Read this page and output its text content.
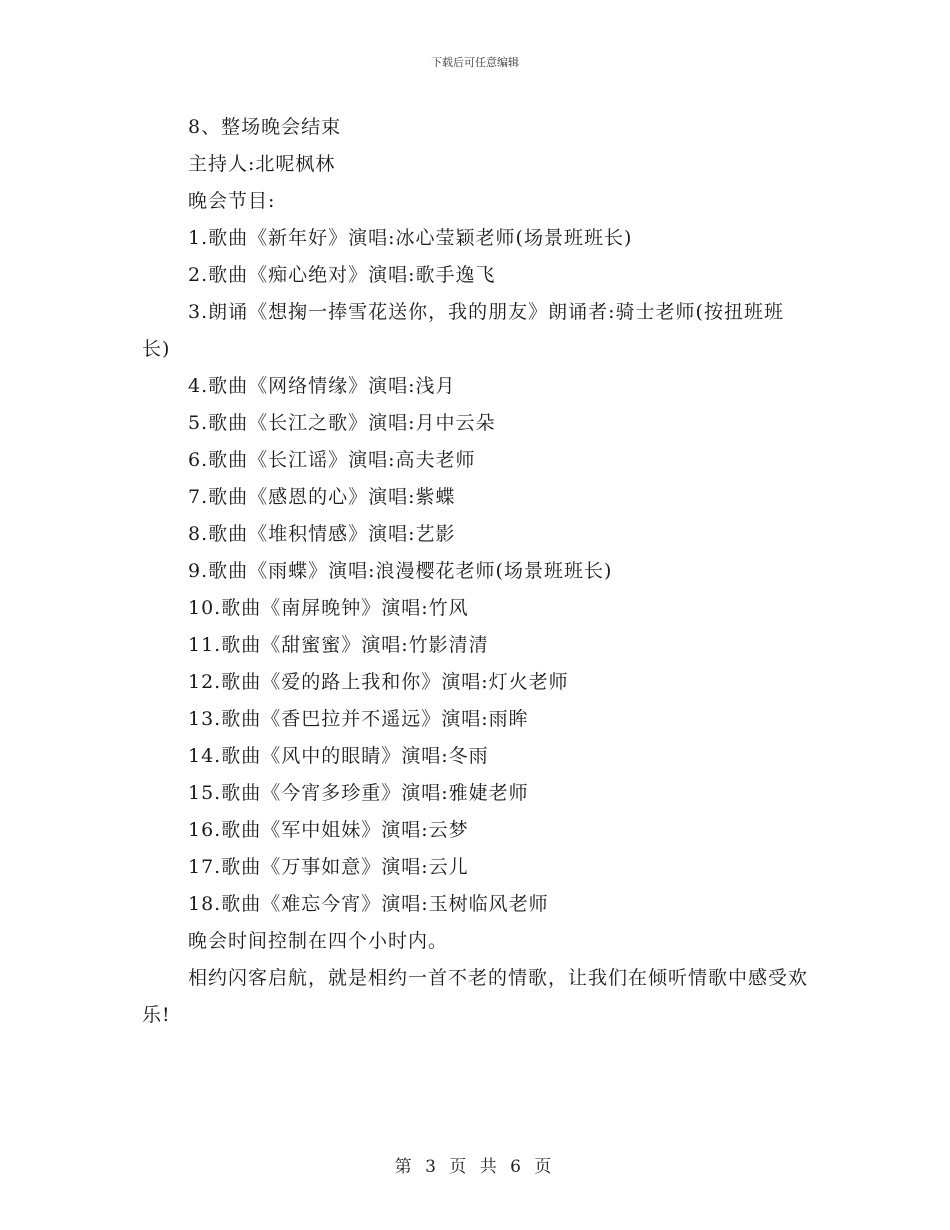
下载后可任意编辑
8、整场晚会结束
主持人:北呢枫林
晚会节目:
1.歌曲《新年好》演唱:冰心莹颖老师(场景班班长)
2.歌曲《痴心绝对》演唱:歌手逸飞
3.朗诵《想掬一捧雪花送你，我的朋友》朗诵者:骑士老师(按扭班班长)
4.歌曲《网络情缘》演唱:浅月
5.歌曲《长江之歌》演唱:月中云朵
6.歌曲《长江谣》演唱:高夫老师
7.歌曲《感恩的心》演唱:紫蝶
8.歌曲《堆积情感》演唱:艺影
9.歌曲《雨蝶》演唱:浪漫樱花老师(场景班班长)
10.歌曲《南屏晚钟》演唱:竹风
11.歌曲《甜蜜蜜》演唱:竹影清清
12.歌曲《爱的路上我和你》演唱:灯火老师
13.歌曲《香巴拉并不遥远》演唱:雨眸
14.歌曲《风中的眼睛》演唱:冬雨
15.歌曲《今宵多珍重》演唱:雅婕老师
16.歌曲《军中姐妹》演唱:云梦
17.歌曲《万事如意》演唱:云儿
18.歌曲《难忘今宵》演唱:玉树临风老师
晚会时间控制在四个小时内。
相约闪客启航，就是相约一首不老的情歌，让我们在倾听情歌中感受欢乐!
第 3 页 共 6 页
